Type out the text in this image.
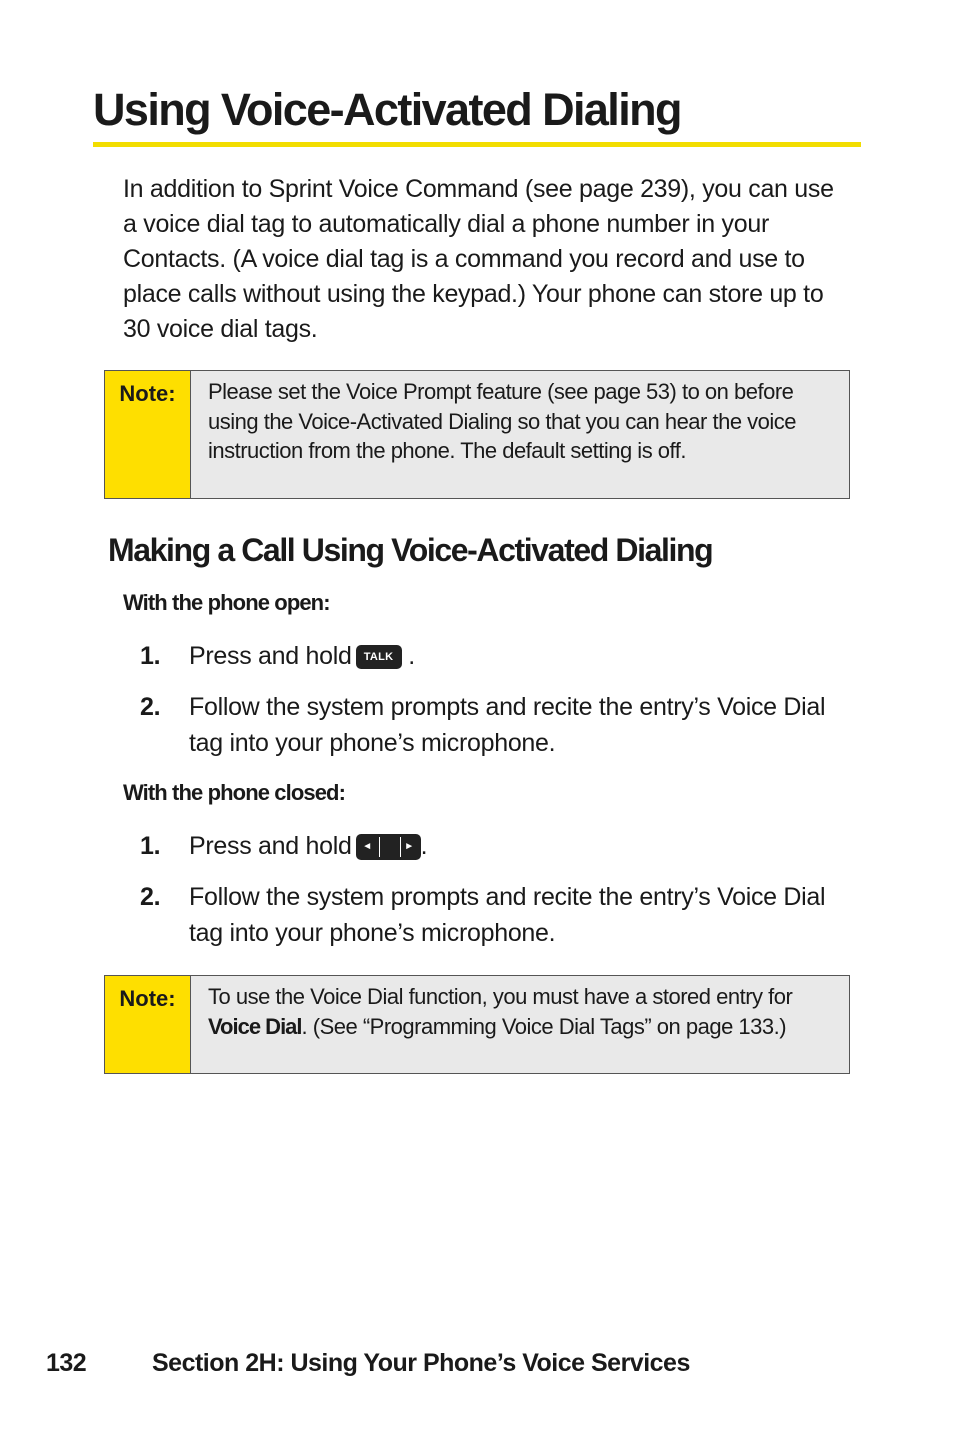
Using Voice-Activated Dialing

In addition to Sprint Voice Command (see page 239), you can use a voice dial tag to automatically dial a phone number in your Contacts. (A voice dial tag is a command you record and use to place calls without using the keypad.) Your phone can store up to 30 voice dial tags.

Note:	Please set the Voice Prompt feature (see page 53) to on before using the Voice-Activated Dialing so that you can hear the voice instruction from the phone. The default setting is off.
Making a Call Using Voice-Activated Dialing

With the phone open:

1.	Press and hold TALK .
2.	Follow the system prompts and recite the entry’s Voice Dial tag into your phone’s microphone.

With the phone closed:

1.	Press and hold	◄	► .
2.	Follow the system prompts and recite the entry’s Voice Dial tag into your phone’s microphone.
Note:	To use the Voice Dial function, you must have a stored entry for Voice Dial. (See “Programming Voice Dial Tags” on page 133.)
132	Section 2H: Using Your Phone’s Voice Services
